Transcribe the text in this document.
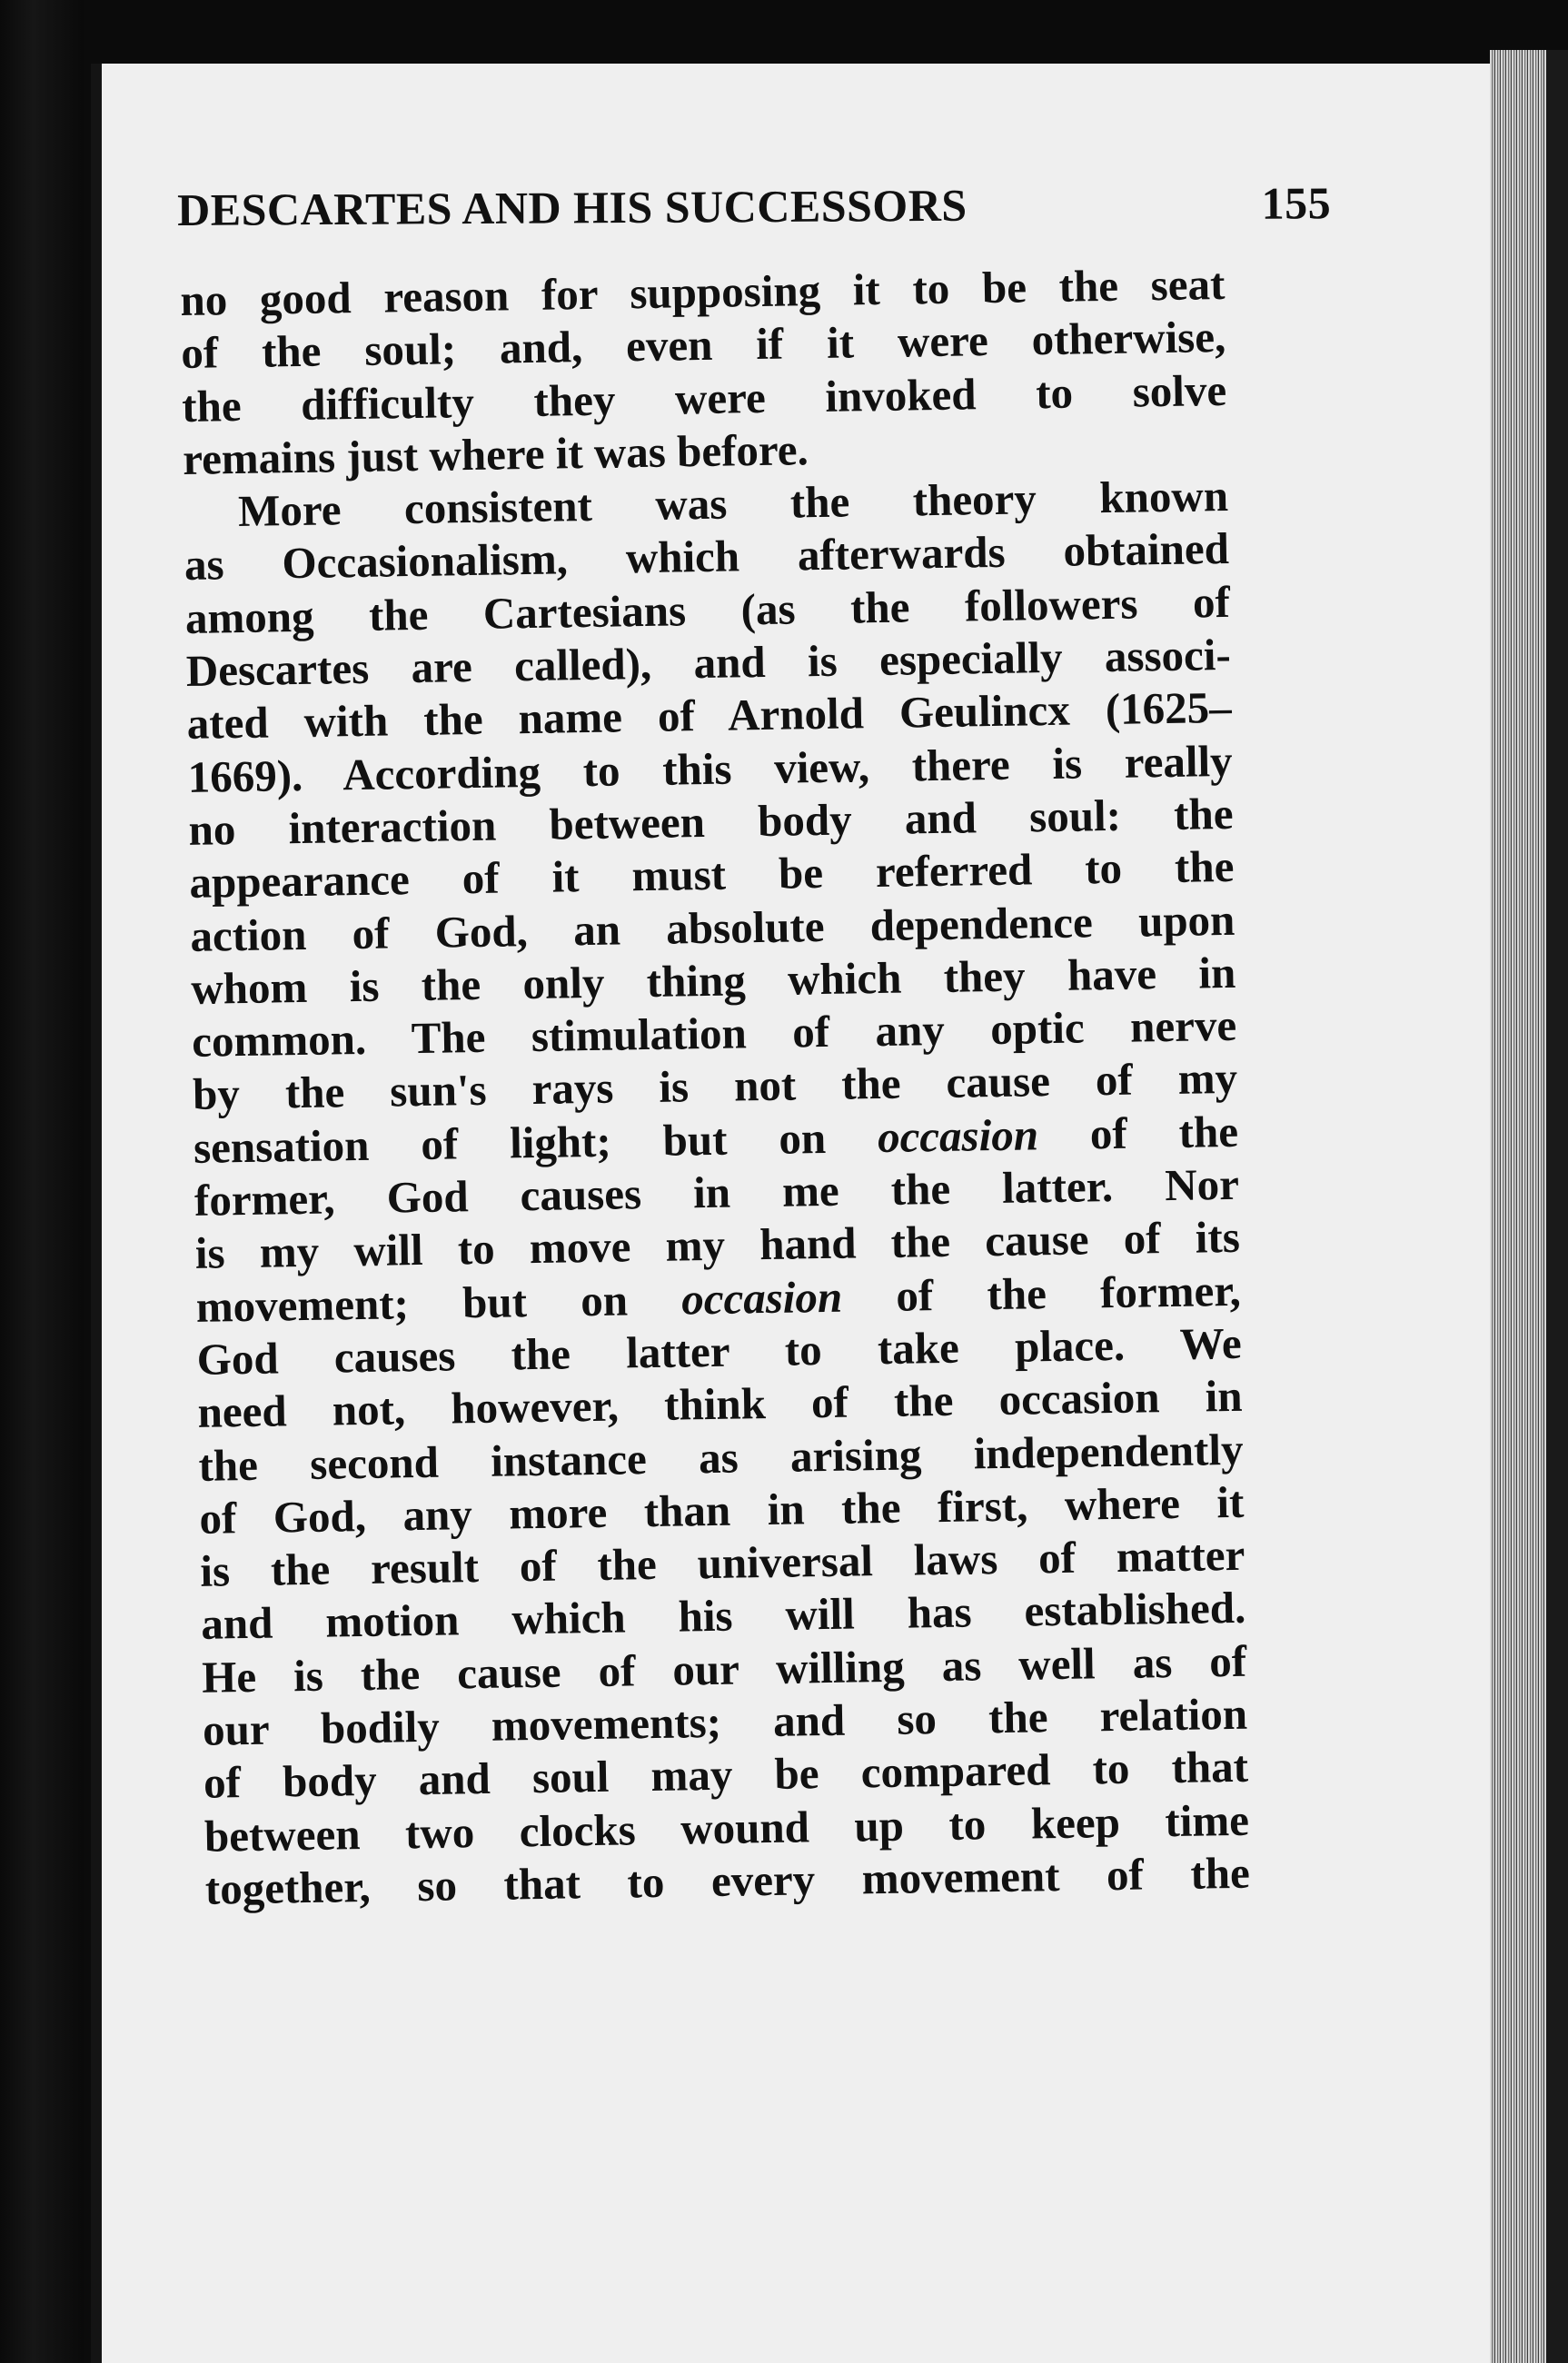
DESCARTES AND HIS SUCCESSORS	155
no good reason for supposing it to be the seat
of the soul; and, even if it were otherwise,
the difficulty they were invoked to solve
remains just where it was before.
More consistent was the theory known
as Occasionalism, which afterwards obtained
among the Cartesians (as the followers of
Descartes are called), and is especially associ-
ated with the name of Arnold Geulincx (1625–
1669). According to this view, there is really
no interaction between body and soul: the
appearance of it must be referred to the
action of God, an absolute dependence upon
whom is the only thing which they have in
common. The stimulation of any optic nerve
by the sun's rays is not the cause of my
sensation of light; but on occasion of the
former, God causes in me the latter. Nor
is my will to move my hand the cause of its
movement; but on occasion of the former,
God causes the latter to take place. We
need not, however, think of the occasion in
the second instance as arising independently
of God, any more than in the first, where it
is the result of the universal laws of matter
and motion which his will has established.
He is the cause of our willing as well as of
our bodily movements; and so the relation
of body and soul may be compared to that
between two clocks wound up to keep time
together, so that to every movement of the
